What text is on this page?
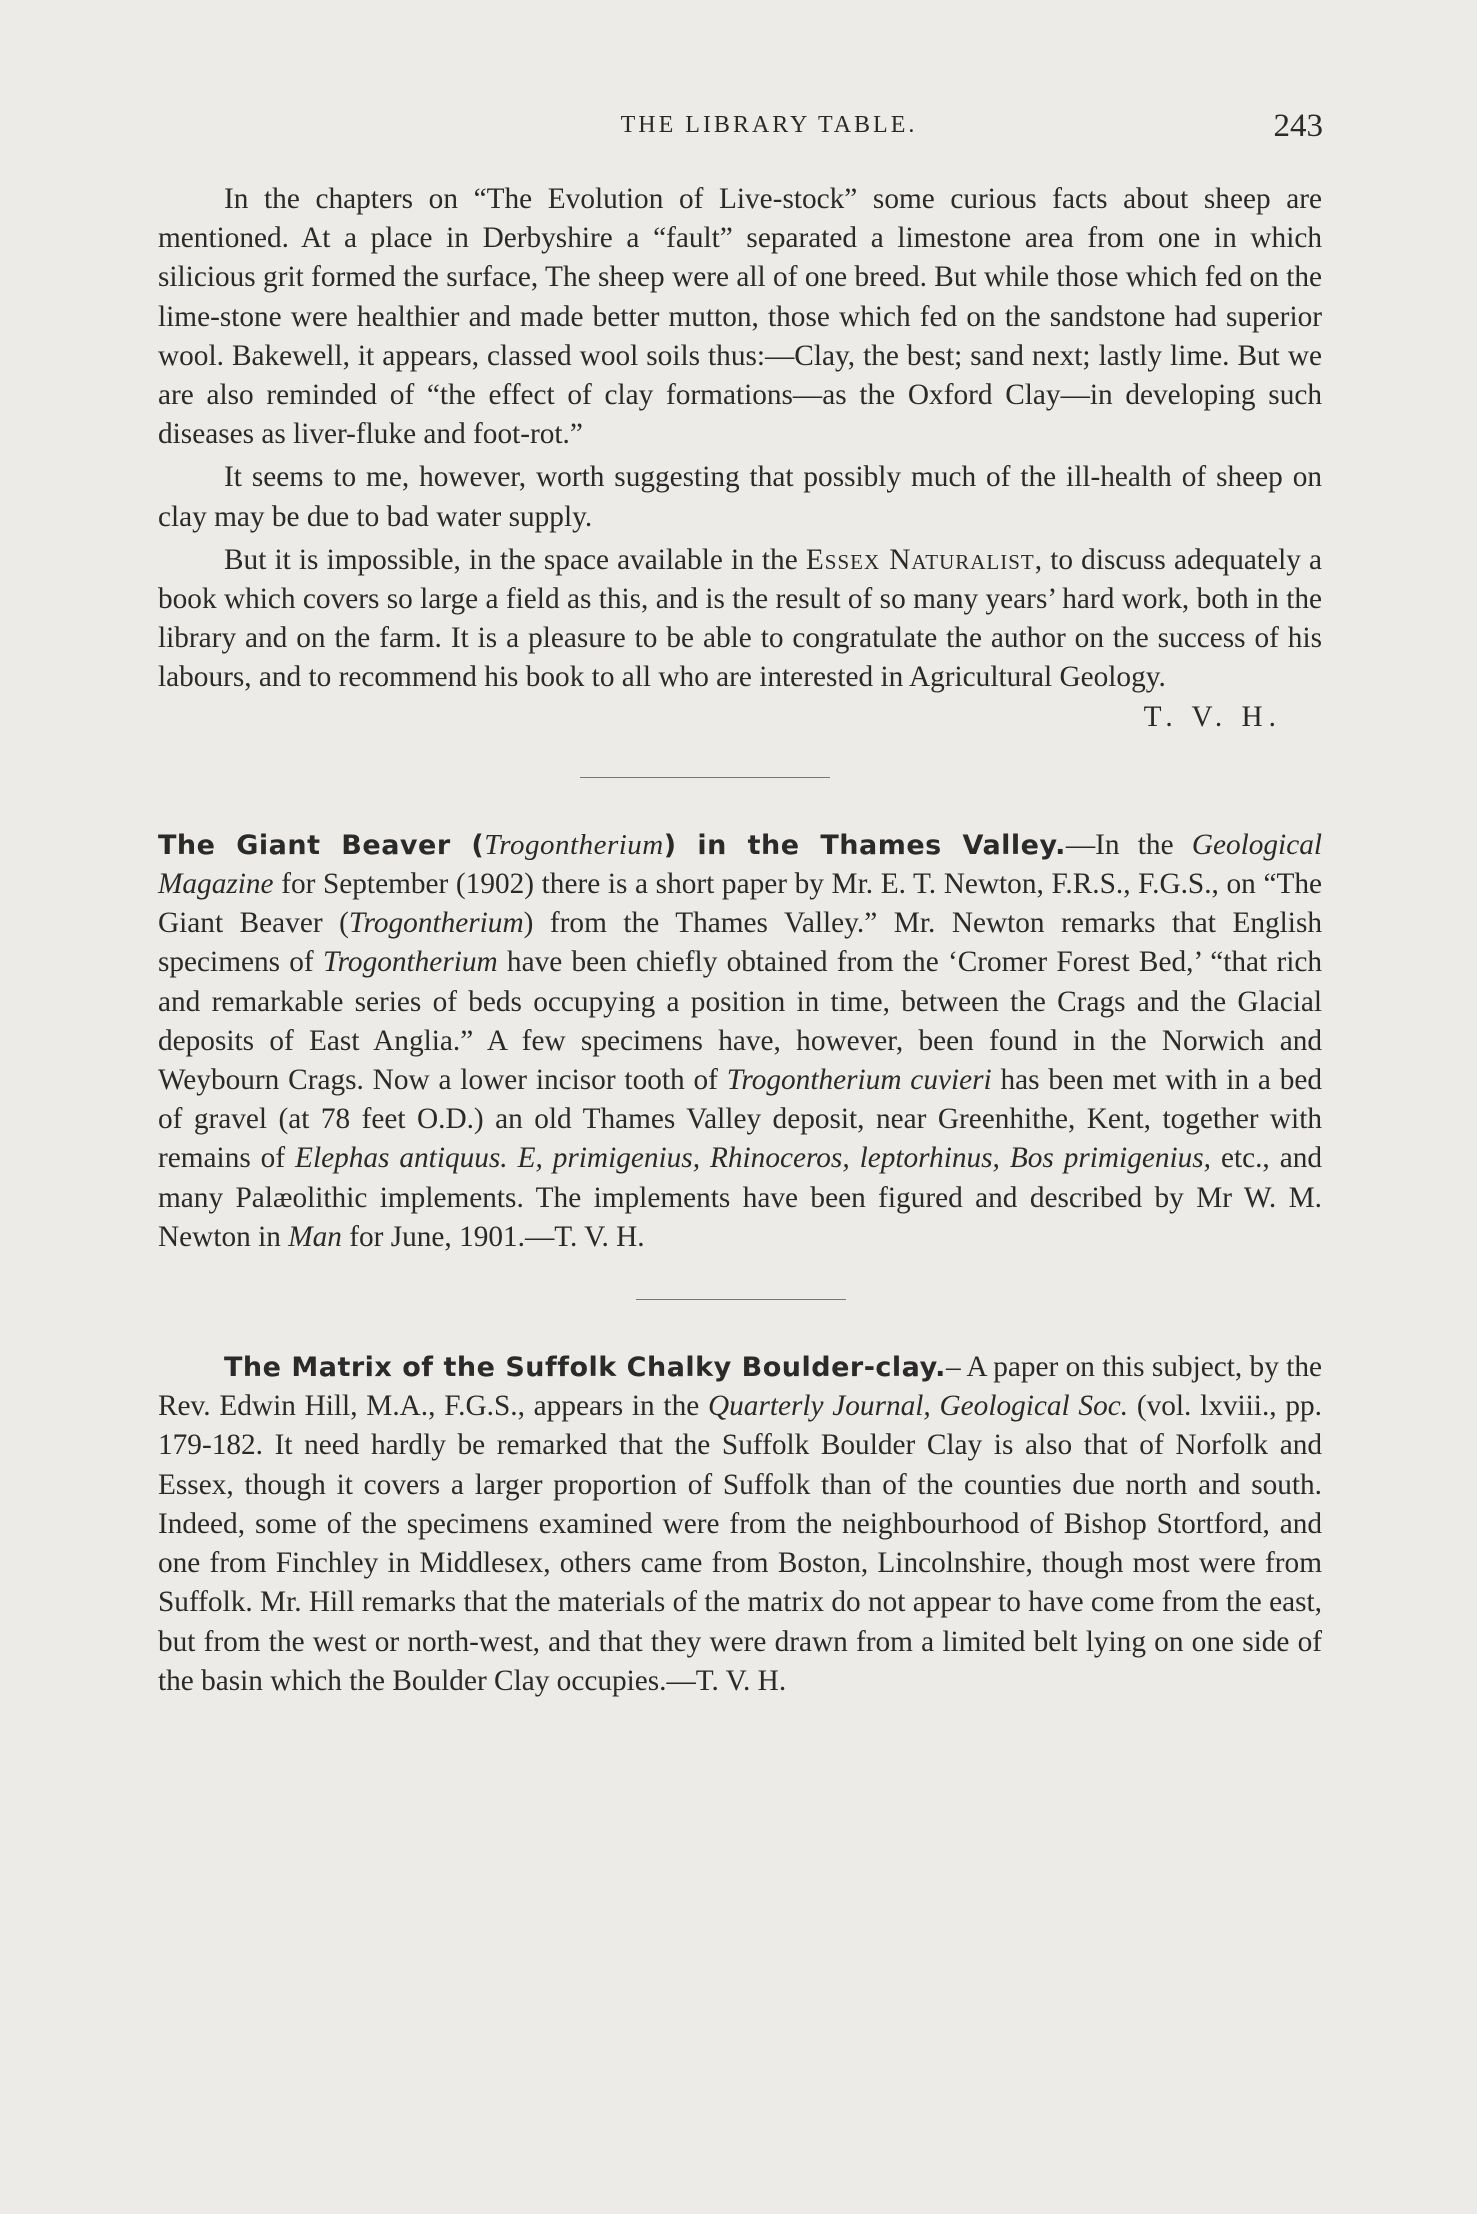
THE LIBRARY TABLE.	243

In the chapters on “The Evolution of Live-stock” some curious facts about sheep are mentioned. At a place in Derbyshire a “fault” separated a limestone area from one in which silicious grit formed the surface, The sheep were all of one breed. But while those which fed on the lime-stone were healthier and made better mutton, those which fed on the sandstone had superior wool. Bakewell, it appears, classed wool soils thus:—Clay, the best; sand next; lastly lime. But we are also reminded of “the effect of clay formations—as the Oxford Clay—in developing such diseases as liver-fluke and foot-rot.”

It seems to me, however, worth suggesting that possibly much of the ill-health of sheep on clay may be due to bad water supply.

But it is impossible, in the space available in the Essex Naturalist, to discuss adequately a book which covers so large a field as this, and is the result of so many years’ hard work, both in the library and on the farm. It is a pleasure to be able to congratulate the author on the success of his labours, and to recommend his book to all who are interested in Agricultural Geology.

T. V. H.

The Giant Beaver (Trogontherium) in the Thames Valley.—In the Geological Magazine for September (1902) there is a short paper by Mr. E. T. Newton, F.R.S., F.G.S., on “The Giant Beaver (Trogontherium) from the Thames Valley.” Mr. Newton remarks that English specimens of Trogontherium have been chiefly obtained from the ‘Cromer Forest Bed,’ “that rich and remarkable series of beds occupying a position in time, between the Crags and the Glacial deposits of East Anglia.” A few specimens have, however, been found in the Norwich and Weybourn Crags. Now a lower incisor tooth of Trogontherium cuvieri has been met with in a bed of gravel (at 78 feet O.D.) an old Thames Valley deposit, near Greenhithe, Kent, together with remains of Elephas antiquus. E, primigenius, Rhinoceros, leptorhinus, Bos primigenius, etc., and many Palæolithic implements. The implements have been figured and described by Mr W. M. Newton in Man for June, 1901.—T. V. H.

The Matrix of the Suffolk Chalky Boulder-clay.– A paper on this subject, by the Rev. Edwin Hill, M.A., F.G.S., appears in the Quarterly Journal, Geological Soc. (vol. lxviii., pp. 179-182. It need hardly be remarked that the Suffolk Boulder Clay is also that of Norfolk and Essex, though it covers a larger proportion of Suffolk than of the counties due north and south. Indeed, some of the specimens examined were from the neighbourhood of Bishop Stortford, and one from Finchley in Middlesex, others came from Boston, Lincolnshire, though most were from Suffolk. Mr. Hill remarks that the materials of the matrix do not appear to have come from the east, but from the west or north-west, and that they were drawn from a limited belt lying on one side of the basin which the Boulder Clay occupies.—T. V. H.
